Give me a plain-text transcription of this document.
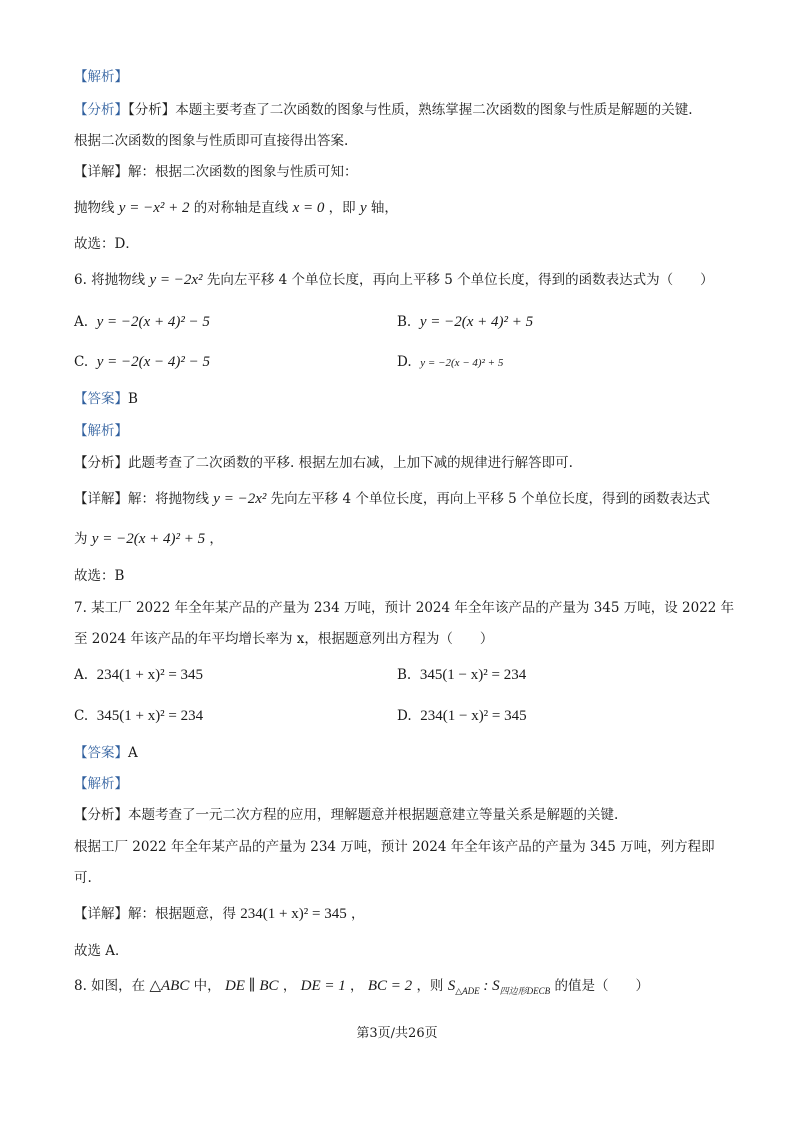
【解析】
【分析】【分析】本题主要考查了二次函数的图象与性质，熟练掌握二次函数的图象与性质是解题的关键.
根据二次函数的图象与性质即可直接得出答案.
【详解】解：根据二次函数的图象与性质可知：
抛物线 y = −x² + 2 的对称轴是直线 x = 0 ，即 y 轴，
故选：D．
6. 将抛物线 y = −2x² 先向左平移 4 个单位长度，再向上平移 5 个单位长度，得到的函数表达式为（　　）
A. y = −2(x + 4)² − 5	B. y = −2(x + 4)² + 5
C. y = −2(x − 4)² − 5	D. y = −2(x − 4)² + 5
【答案】B
【解析】
【分析】此题考查了二次函数的平移. 根据左加右减，上加下减的规律进行解答即可.
【详解】解：将抛物线 y = −2x² 先向左平移 4 个单位长度，再向上平移 5 个单位长度，得到的函数表达式
为 y = −2(x + 4)² + 5 ，
故选：B
7. 某工厂 2022 年全年某产品的产量为 234 万吨，预计 2024 年全年该产品的产量为 345 万吨，设 2022 年
至 2024 年该产品的年平均增长率为 x，根据题意列出方程为（　　）
A. 234(1 + x)² = 345	B. 345(1 − x)² = 234
C. 345(1 + x)² = 234	D. 234(1 − x)² = 345
【答案】A
【解析】
【分析】本题考查了一元二次方程的应用，理解题意并根据题意建立等量关系是解题的关键.
根据工厂 2022 年全年某产品的产量为 234 万吨，预计 2024 年全年该产品的产量为 345 万吨，列方程即
可.
【详解】解：根据题意，得 234(1 + x)² = 345 ，
故选 A．
8. 如图，在 △ABC 中， DE ∥ BC ， DE = 1 ， BC = 2 ，则 $S_{\triangle ADE}$ : $S_{四边形DECB}$ 的值是（　　）
第3页/共26页
